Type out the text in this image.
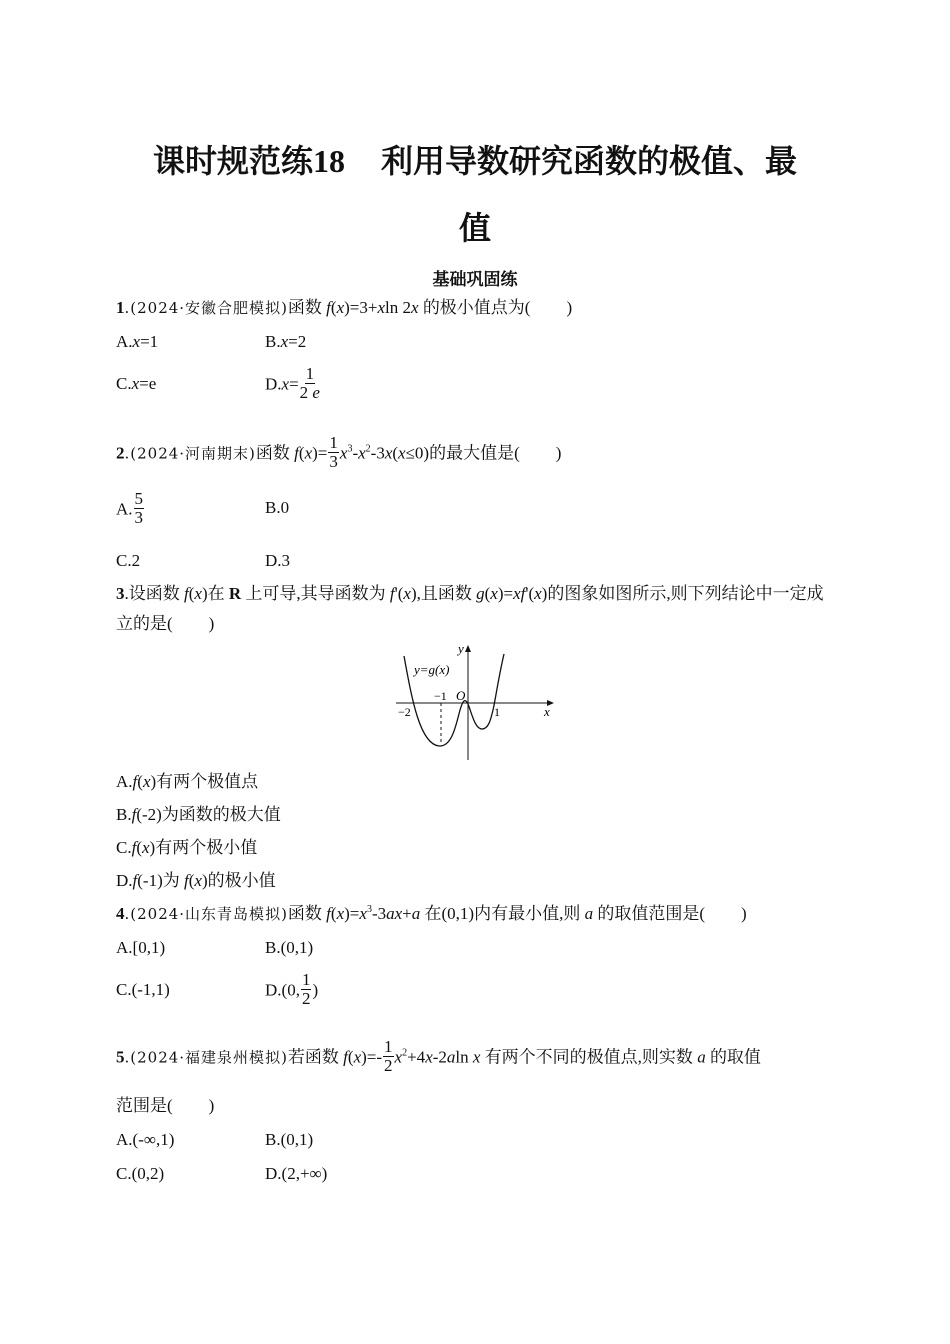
课时规范练18 利用导数研究函数的极值、最
值
基础巩固练
1.(2024·安徽合肥模拟)函数 f(x)=3+xln 2x 的极小值点为( )
A.x=1	B.x=2
C.x=e	$D.x= \frac{1}{2 e}$
2.(2024·河南期末)函数 $f(x)= \frac{1}{3} x^3-x^2-3x(x\le 0)$的最大值是( )
A. $\frac{5}{3}$	B.0
C.2	D.3
3.设函数 f(x)在 R 上可导,其导函数为 f'(x),且函数 g(x)=xf'(x)的图象如图所示,则下列结论中一定成立的是( )
y=g(x)
y
x
O
−1
−2	1
A.f(x)有两个极值点
B.f(-2)为函数的极大值
C.f(x)有两个极小值
D.f(-1)为 f(x)的极小值
4.(2024·山东青岛模拟)函数 $f(x)=x^3-3ax+a$ 在(0,1)内有最小值,则 a 的取值范围是( )
A.[0,1)	B.(0,1)
C.(-1,1)	D.(0, $\frac{1}{2}$ )
5.(2024·福建泉州模拟)若函数 $f(x)=- \frac{1}{2} x^2+4x-2aln$ x 有两个不同的极值点,则实数 a 的取值
范围是( )
A.(-∞,1)	B.(0,1)
C.(0,2)	D.(2,+∞)
